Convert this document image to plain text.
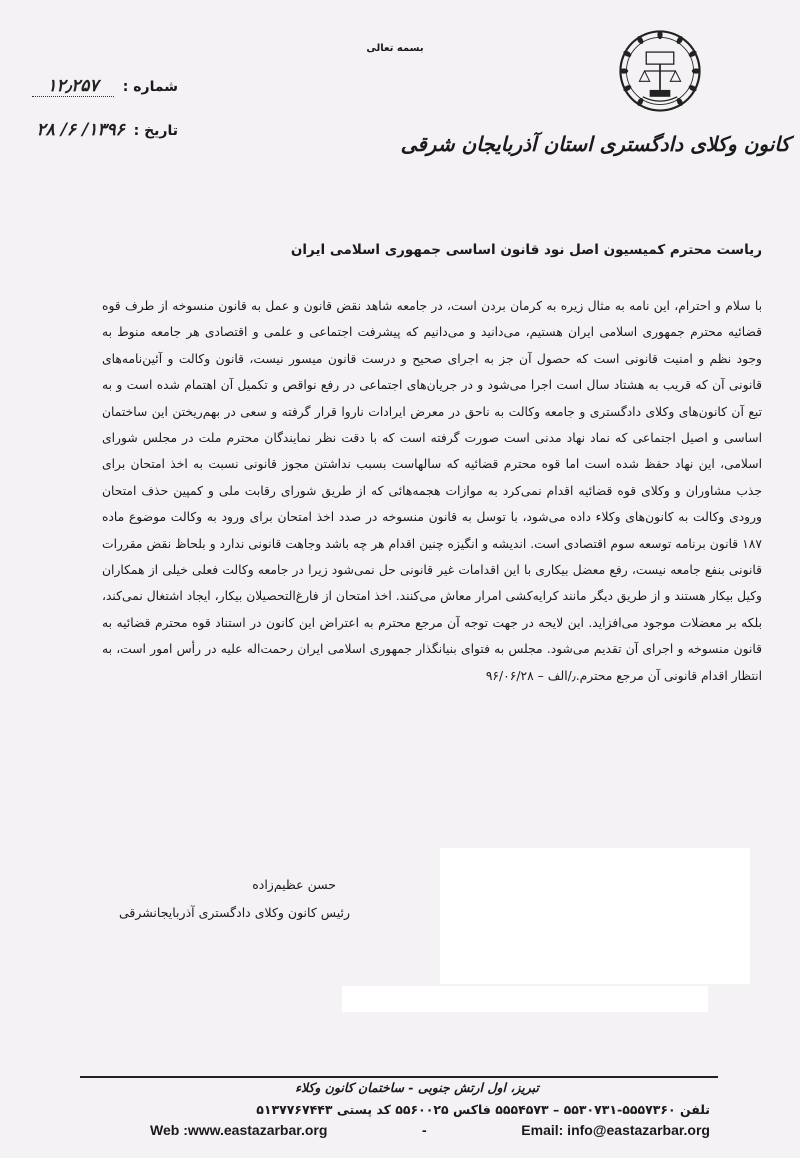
بسمه تعالی
کانون وکلای دادگستری استان آذربایجان شرقی
شماره : ۱۲٫۲۵۷
تاریخ : ۱۳۹۶/ ۶/ ۲۸
ریاست محترم کمیسیون اصل نود قانون اساسی جمهوری اسلامی ایران
با سلام و احترام، این نامه به مثال زیره به کرمان بردن است، در جامعه شاهد نقض قانون و عمل به قانون منسوخه از طرف قوه قضائیه محترم جمهوری اسلامی ایران هستیم، می‌دانید و می‌دانیم که پیشرفت اجتماعی و علمی و اقتصادی هر جامعه منوط به وجود نظم و امنیت قانونی است که حصول آن جز به اجرای صحیح و درست قانون میسور نیست، قانون وکالت و آئین‌نامه‌های قانونی آن که قریب به هشتاد سال است اجرا می‌شود و در جریان‌های اجتماعی در رفع نواقص و تکمیل آن اهتمام شده است و به تبع آن کانون‌های وکلای دادگستری و جامعه وکالت به ناحق در معرض ایرادات ناروا قرار گرفته و سعی در بهم‌ریختن این ساختمان اساسی و اصیل اجتماعی که نماد نهاد مدنی است صورت گرفته است که با دقت نظر نمایندگان محترم ملت در مجلس شورای اسلامی، این نهاد حفظ شده است اما قوه محترم قضائیه که سالهاست بسبب نداشتن مجوز قانونی نسبت به اخذ امتحان برای جذب مشاوران و وکلای قوه قضائیه اقدام نمی‌کرد به موازات هجمه‌هائی که از طریق شورای رقابت ملی و کمپین حذف امتحان ورودی وکالت به کانون‌های وکلاء داده می‌شود، با توسل به قانون منسوخه در صدد اخذ امتحان برای ورود به وکالت موضوع ماده ۱۸۷ قانون برنامه توسعه سوم اقتصادی است. اندیشه و انگیزه چنین اقدام هر چه باشد وجاهت قانونی ندارد و بلحاظ نقض مقررات قانونی بنفع جامعه نیست، رفع معضل بیکاری با این اقدامات غیر قانونی حل نمی‌شود زیرا در جامعه وکالت فعلی خیلی از همکاران وکیل بیکار هستند و از طریق دیگر مانند کرایه‌کشی امرار معاش می‌کنند. اخذ امتحان از فارغ‌التحصیلان بیکار، ایجاد اشتغال نمی‌کند، بلکه بر معضلات موجود می‌افزاید. این لایحه در جهت توجه آن مرجع محترم به اعتراض این کانون در استناد قوه محترم قضائیه به قانون منسوخه و اجرای آن تقدیم می‌شود. مجلس به فتوای بنیانگذار جمهوری اسلامی ایران رحمت‌اله علیه در رأس امور است، به انتظار اقدام قانونی آن مرجع محترم.٫/الف – ۹۶/۰۶/۲۸
حسن عظیم‌زاده
رئیس کانون وکلای دادگستری آذربایجانشرقی
تبریز، اول ارتش جنوبی - ساختمان کانون وکلاء
تلفن ۵۵۵۷۳۶۰-۵۵۳۰۷۳۱ – ۵۵۵۴۵۷۳ فاکس ۵۵۶۰۰۲۵ کد پستی ۵۱۳۷۷۶۷۴۴۳
Web :www.eastazarbar.org	-	Email: info@eastazarbar.org
